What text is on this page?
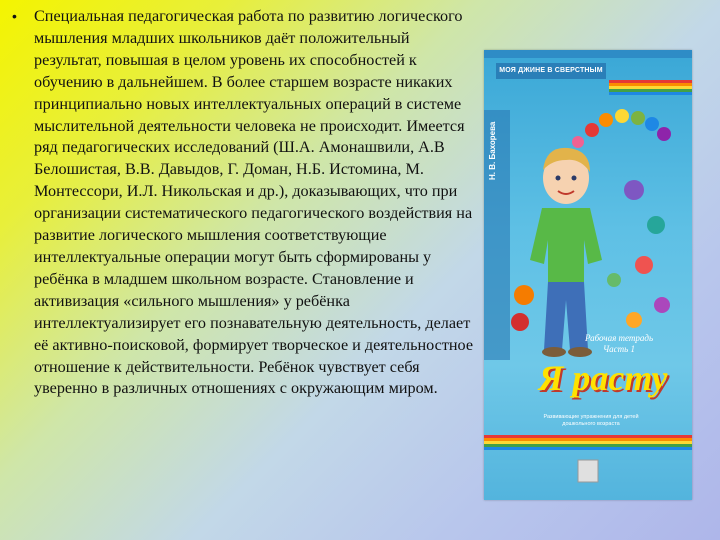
•	Специальная педагогическая работа по развитию логического мышления младших школьников даёт положительный результат, повышая в целом уровень их способностей к обучению в дальнейшем. В более старшем возрасте никаких принципиально новых интеллектуальных операций в системе мыслительной деятельности человека не происходит. Имеется ряд педагогических исследований (Ш.А. Амонашвили, А.В Белошистая, В.В. Давыдов, Г. Доман, Н.Б. Истомина, М. Монтессори, И.Л. Никольская и др.), доказывающих, что при организации систематического педагогического воздействия на развитие логического мышления соответствующие интеллектуальные операции могут быть сформированы у ребёнка в младшем школьном возрасте. Становление и активизация «сильного мышления» у ребёнка интеллектуализирует его познавательную деятельность, делает её активно-поисковой, формирует творческое и деятельностное отношение к действительности. Ребёнок чувствует себя уверенно в различных отношениях с окружающим миром.
МОЯ ДЖИНЕ В СВЕРСТНЫМ
Н. В. Бахорева
Рабочая тетрадь Часть 1
Я расту
Развивающие упражнения для детей дошкольного возраста
